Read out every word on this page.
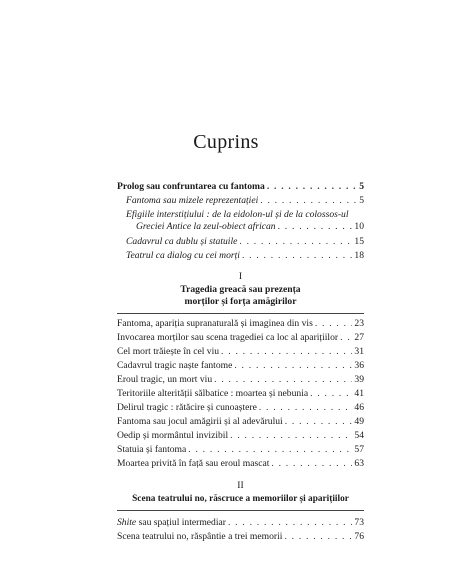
Cuprins
Prolog sau confruntarea cu fantoma . . .	5
Fantoma sau mizele reprezentației . . .	5
Efigiile interstițiului : de la eidolon-ul și de la colossos-ul
Greciei Antice la zeul-obiect african . . .	10
Cadavrul ca dublu și statuile . . .	15
Teatrul ca dialog cu cei morți . . .	18
I
Tragedia greacă sau prezența
morților și forța amăgirilor
Fantoma, apariția supranaturală și imaginea din vis . . .	23
Invocarea morților sau scena tragediei ca loc al aparițiilor . . . 27
Cel mort trăiește în cel viu . . .	31
Cadavrul tragic naște fantome . . .	36
Eroul tragic, un mort viu . . .	39
Teritoriile alterității sălbatice : moartea și nebunia . . .	41
Delirul tragic : rătăcire și cunoaștere . . .	46
Fantoma sau jocul amăgirii și al adevărului . . .	49
Oedip și mormântul invizibil . . .	54
Statuia și fantoma . . .	57
Moartea privită în față sau eroul mascat . . .	63
II
Scena teatrului no, răscruce a memoriilor și aparițiilor
Shite sau spațiul intermediar . . .	73
Scena teatrului no, răspântie a trei memorii . . .	76
